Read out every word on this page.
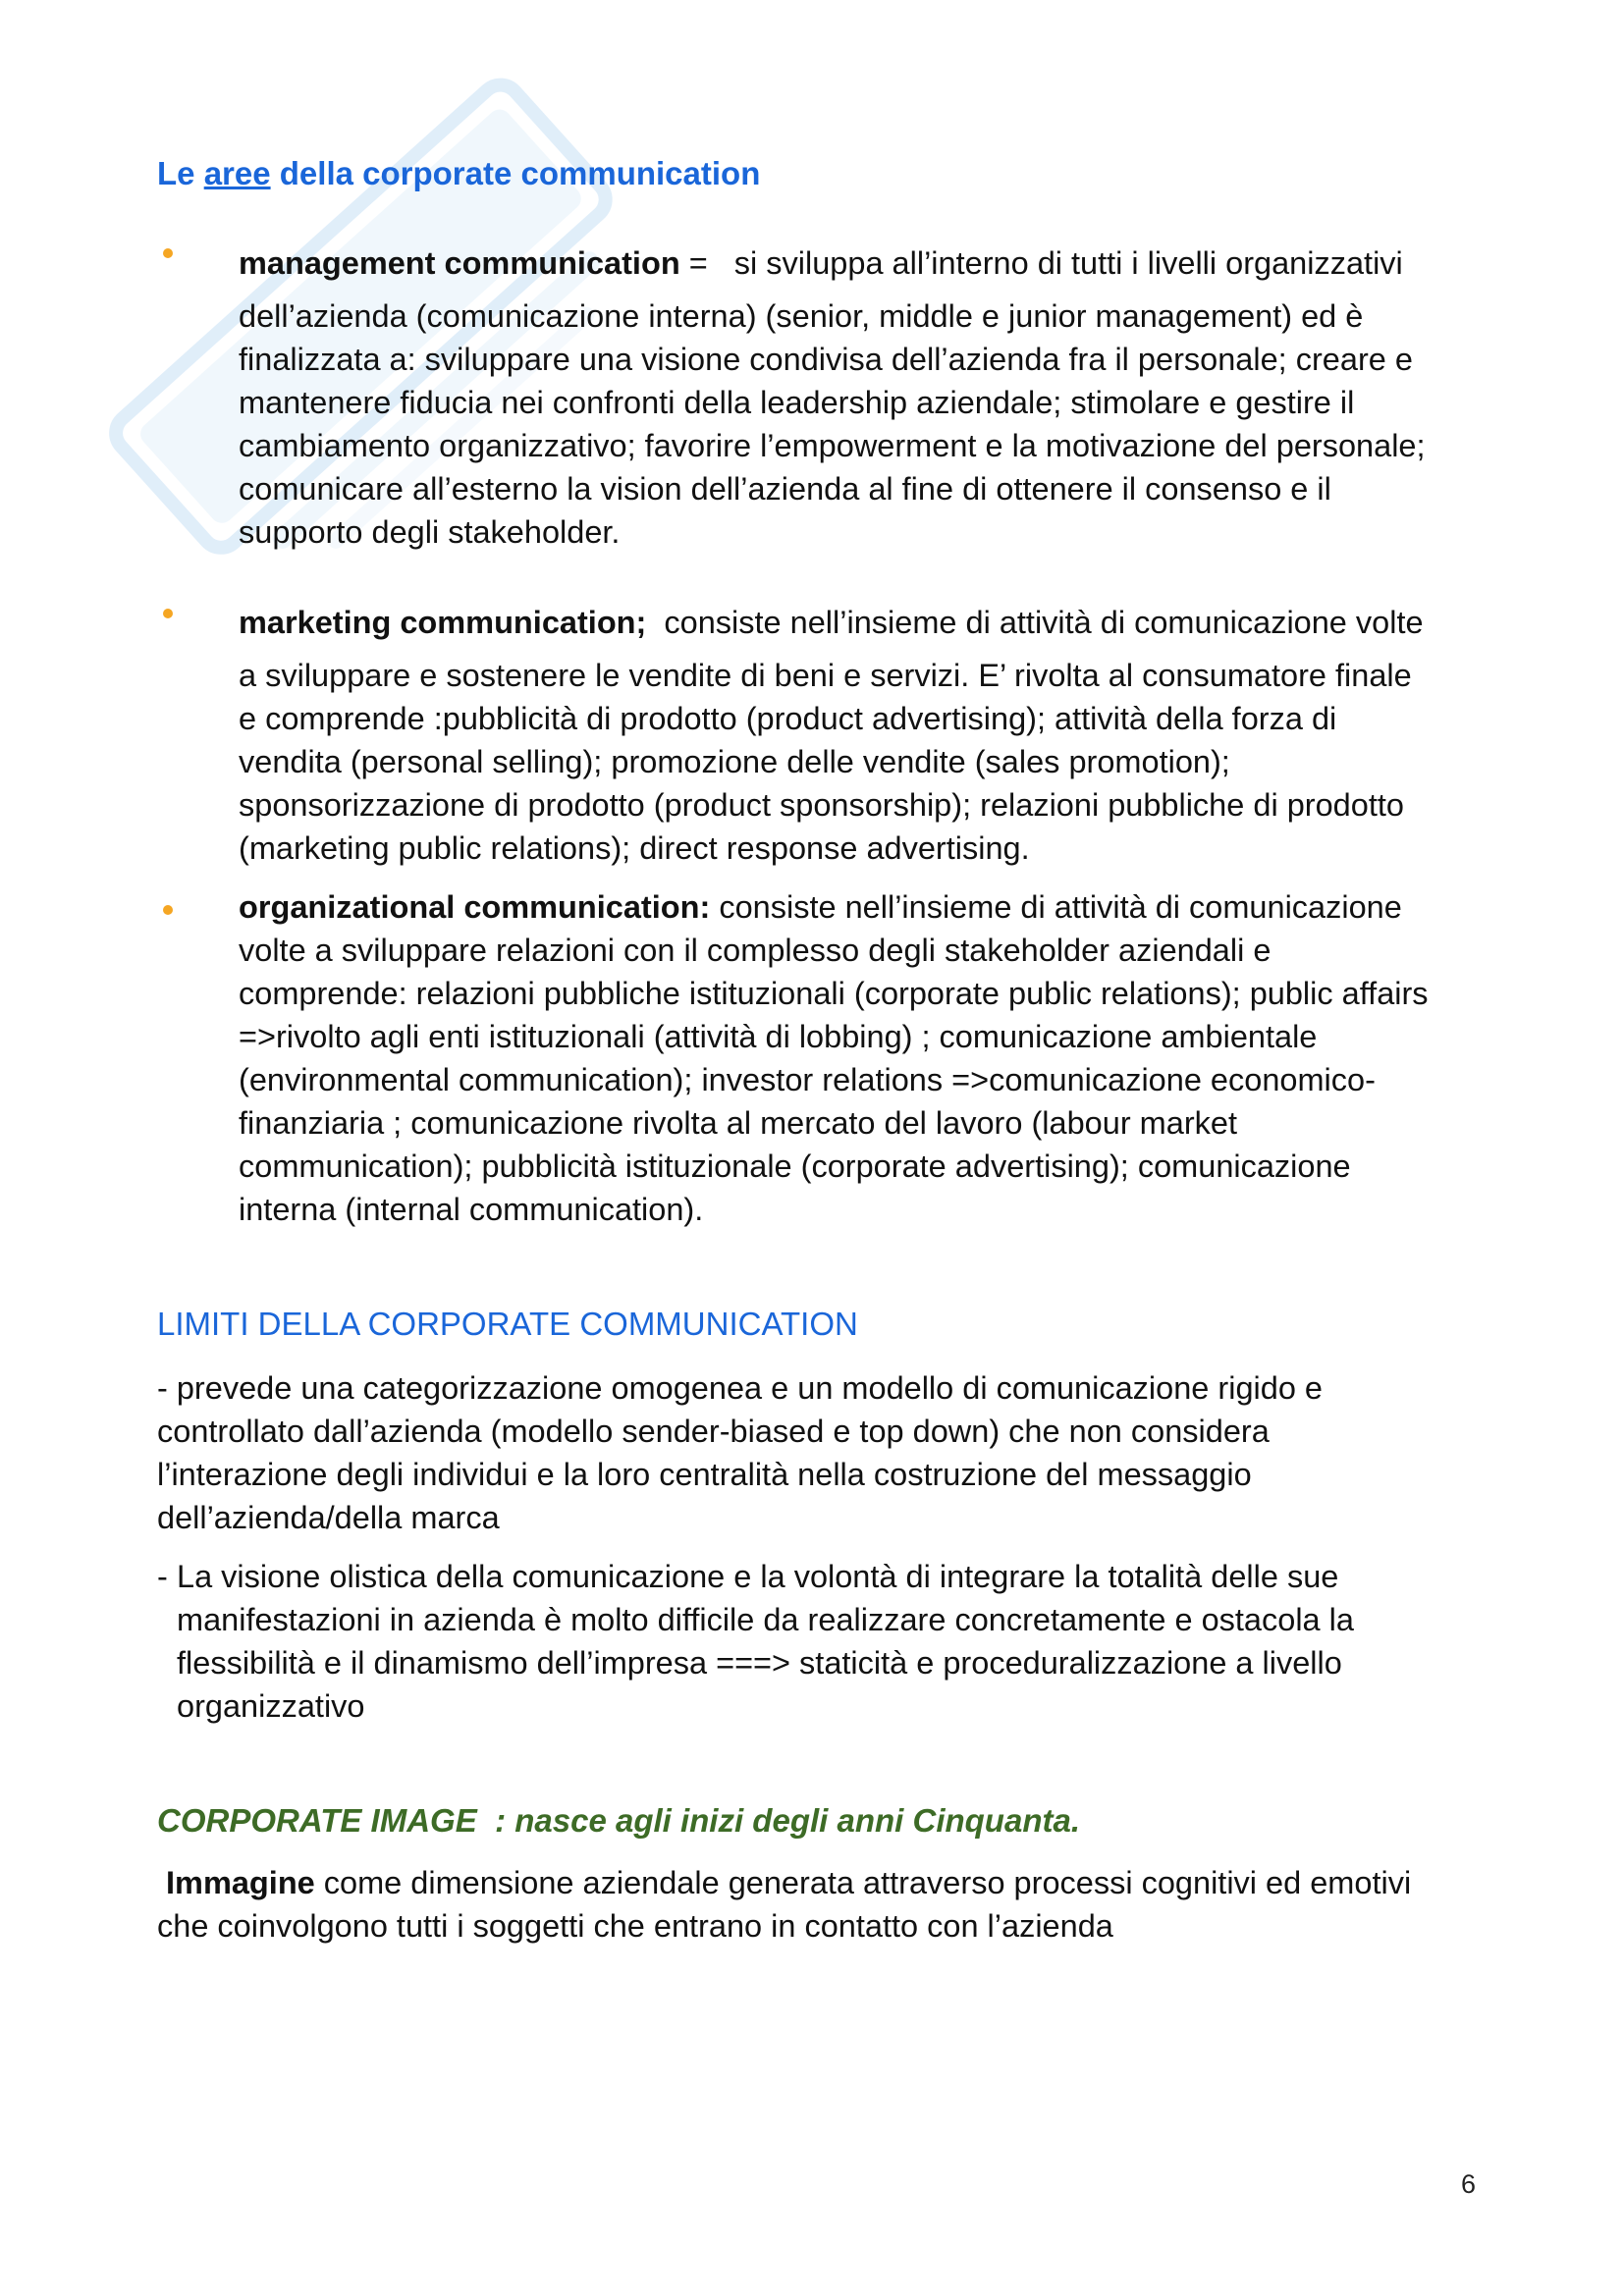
Le aree della corporate communication
management communication =   si sviluppa all’interno di tutti i livelli organizzativi
dell’azienda (comunicazione interna) (senior, middle e junior management) ed è
finalizzata a: sviluppare una visione condivisa dell’azienda fra il personale; creare e
mantenere fiducia nei confronti della leadership aziendale; stimolare e gestire il
cambiamento organizzativo; favorire l’empowerment e la motivazione del personale;
comunicare all’esterno la vision dell’azienda al fine di ottenere il consenso e il
supporto degli stakeholder.
marketing communication; consiste nell’insieme di attività di comunicazione volte
a sviluppare e sostenere le vendite di beni e servizi. E’ rivolta al consumatore finale
e comprende :pubblicità di prodotto (product advertising); attività della forza di
vendita (personal selling); promozione delle vendite (sales promotion);
sponsorizzazione di prodotto (product sponsorship); relazioni pubbliche di prodotto
(marketing public relations); direct response advertising.
organizational communication: consiste nell’insieme di attività di comunicazione
volte a sviluppare relazioni con il complesso degli stakeholder aziendali e
comprende: relazioni pubbliche istituzionali (corporate public relations); public affairs
=>rivolto agli enti istituzionali (attività di lobbing) ; comunicazione ambientale
(environmental communication); investor relations =>comunicazione economico-
finanziaria ; comunicazione rivolta al mercato del lavoro (labour market
communication); pubblicità istituzionale (corporate advertising); comunicazione
interna (internal communication).
LIMITI DELLA CORPORATE COMMUNICATION
- prevede una categorizzazione omogenea e un modello di comunicazione rigido e
controllato dall’azienda (modello sender-biased e top down) che non considera
l’interazione degli individui e la loro centralità nella costruzione del messaggio
dell’azienda/della marca
- La visione olistica della comunicazione e la volontà di integrare la totalità delle sue
manifestazioni in azienda è molto difficile da realizzare concretamente e ostacola la
flessibilità e il dinamismo dell’impresa ===> staticità e proceduralizzazione a livello
organizzativo
CORPORATE IMAGE  : nasce agli inizi degli anni Cinquanta.
Immagine come dimensione aziendale generata attraverso processi cognitivi ed emotivi
che coinvolgono tutti i soggetti che entrano in contatto con l’azienda
6
